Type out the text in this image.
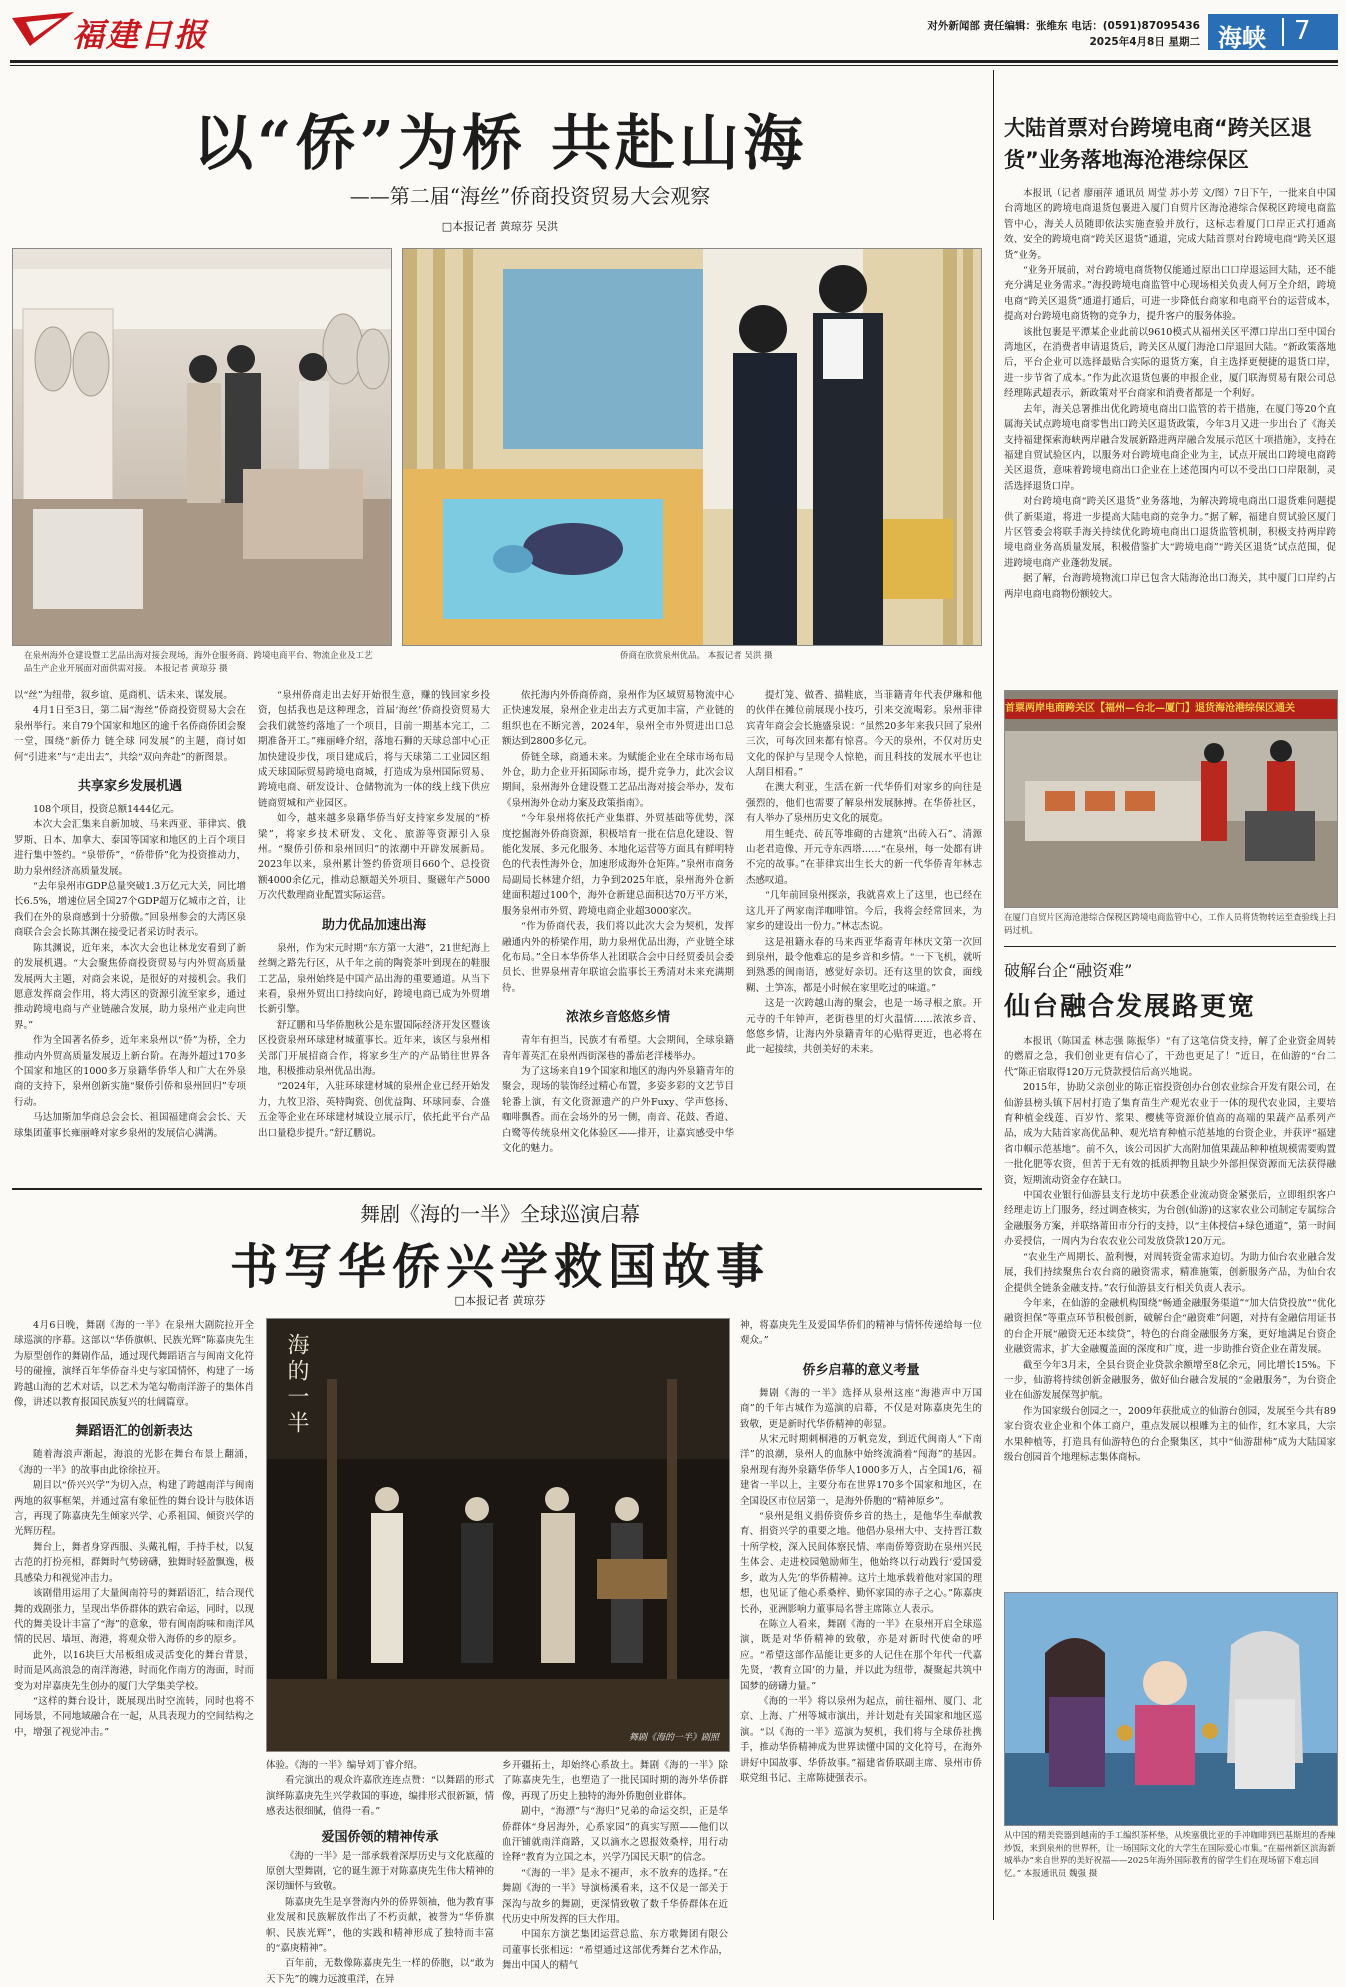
福建日报	对外新闻部 责任编辑：张维东 电话：(0591)87095436
2025年4月8日 星期二 海峡 7
以“侨”为桥 共赴山海
——第二届“海丝”侨商投资贸易大会观察
□本报记者 黄琼芬 吴洪
在泉州海外仓建设暨工艺品出海对接会现场，海外仓服务商、跨境电商平台、物流企业及工艺品生产企业开展面对面供需对接。 本报记者 黄琼芬 摄
侨商在欣赏泉州优品。 本报记者 吴洪 摄

以“丝”为纽带，叙乡谊、觅商机、话未来、谋发展。

4月1日至3日，第二届“海丝”侨商投资贸易大会在泉州举行。来自79个国家和地区的逾千名侨商侨团会聚一堂，围绕“新侨力 链全球 同发展”的主题，商讨如何“引进来”与“走出去”，共绘“双向奔赴”的新图景。

共享家乡发展机遇

108个项目，投资总额1444亿元。

本次大会汇集来自新加坡、马来西亚、菲律宾、俄罗斯、日本、加拿大、泰国等国家和地区的上百个项目进行集中签约。“泉带侨”，“侨带侨”化为投资推动力，助力泉州经济高质量发展。

“去年泉州市GDP总量突破1.3万亿元大关，同比增长6.5%，增速位居全国27个GDP超万亿城市之首，让我们在外的泉商感到十分骄傲。”回泉州参会的大湾区泉商联合会会长陈其渊在接受记者采访时表示。

陈其渊说，近年来，本次大会也让林龙安看到了新的发展机遇。“大会聚焦侨商投资贸易与内外贸高质量发展两大主题，对商会来说，是很好的对接机会。我们愿意发挥商会作用，将大湾区的资源引流至家乡，通过推动跨境电商与产业链融合发展，助力泉州产业走向世界。”

作为全国著名侨乡，近年来泉州以“侨”为桥，全力推动内外贸高质量发展迈上新台阶。在海外超过170多个国家和地区的1000多万泉籍华侨华人和广大在外泉商的支持下，泉州创新实施“聚侨引侨和泉州回归”专项行动。

马达加斯加华商总会会长、祖国福建商会会长、天球集团董事长雍丽峰对家乡泉州的发展信心满满。

“泉州侨商走出去好开始很生意，赚的钱回家乡投资，包括我也是这种理念，首届‘海丝’侨商投资贸易大会我们就签约落地了一个项目，目前一期基本完工，二期准备开工。”雍丽峰介绍，落地石狮的天球总部中心正加快建设步伐，项目建成后，将与天球第二工业园区组成天球国际贸易跨境电商城，打造成为泉州国际贸易、跨境电商、研发设计、仓储物流为一体的线上线下供应链商贸城和产业园区。

如今，越来越多泉籍华侨当好支持家乡发展的“桥梁”，将家乡技术研发、文化、旅游等资源引入泉州。“聚侨引侨和泉州回归”的浓潮中开辟发展新局。2023年以来，泉州累计签约侨资项目660个、总投资额4000余亿元，推动总额超关外项目、聚磁年产5000万次代数理商业配置实际运营。

助力优品加速出海

泉州，作为宋元时期“东方第一大港”，21世纪海上丝绸之路先行区，从千年之前的陶瓷茶叶到现在的鞋服工艺品，泉州始终是中国产品出海的重要通道。从当下来看，泉州外贸出口持续向好，跨境电商已成为外贸增长新引擎。

舒辽鹏和马华侨胞秋公是东盟国际经济开发区暨该区投资泉州环球建材城董事长。近年来，该区与泉州相关部门开展招商合作，将家乡生产的产品销往世界各地，积极推动泉州优品出海。

“2024年，入驻环球建材城的泉州企业已经开始发力，九牧卫浴、英特陶瓷、创优益陶、环球同泰、合盛五金等企业在环球建材城设立展示厅，依托此平台产品出口量稳步提升。”舒辽鹏说。

依托海内外侨商侨商，泉州作为区域贸易物流中心正快速发展，泉州企业走出去方式更加丰富，产业链的组织也在不断完善，2024年，泉州全市外贸进出口总额达到2800多亿元。

侨链全球，商通未来。为赋能企业在全球市场布局外仓，助力企业开拓国际市场，提升竞争力，此次会议期间，泉州海外仓建设暨工艺品出海对接会举办，发布《泉州海外仓动力案及政策指南》。

“今年泉州将依托产业集群、外贸基础等优势，深度挖掘海外侨商资源，积极培育一批在信息化建设、智能化发展、多元化服务、本地化运营等方面具有鲜明特色的代表性海外仓，加速形成海外仓矩阵。”泉州市商务局副局长林建介绍，力争到2025年底，泉州海外仓新建面积超过100个，海外仓新建总面积达70万平方米，服务泉州市外贸、跨境电商企业超3000家次。

“作为侨商代表，我们将以此次大会为契机，发挥融通内外的桥梁作用，助力泉州优品出海，产业链全球化布局。”全日本华侨华人社团联合会中日经贸委员会委员长、世界泉州青年联谊会监事长王秀清对未来充满期待。

浓浓乡音悠悠乡情

青年有担当，民族才有希望。大会期间，全球泉籍青年菁英汇在泉州西街深巷的番茄老洋楼举办。

为了这场来自19个国家和地区的海内外泉籍青年的聚会，现场的装饰经过精心布置，多姿多彩的文艺节目轮番上演，有文化资源遗产的户外Fuxy、学声悠扬、咖啡飘香。而在会场外的另一侧，南音、花鼓、香道、白鹭等传统泉州文化体验区——排开，让嘉宾感受中华文化的魅力。

提灯笼、做香、描鞋底，当菲籍青年代表伊琳和他的伙伴在摊位前展现小技巧，引来交流喝彩。泉州菲律宾青年商会会长施盛泉说：“虽然20多年来我只回了泉州三次，可每次回来都有惊喜。今天的泉州，不仅对历史文化的保护与呈现令人惊艳，而且科技的发展水平也让人刮目相看。”

在澳大利亚，生活在新一代华侨们对家乡的向往是强烈的，他们也需要了解泉州发展脉搏。在华侨社区，有人举办了泉州历史文化的展览。

用生蚝壳、砖瓦等堆砌的古建筑“出砖入石”、清源山老君造像、开元寺东西塔……“在泉州，每一处都有讲不完的故事。”在菲律宾出生长大的新一代华侨青年林志杰感叹道。

“几年前回泉州探亲，我就喜欢上了这里，也已经在这儿开了两家南洋咖啡馆。今后，我将会经常回来，为家乡的建设出一份力。”林志杰说。

这是祖籍永春的马来西亚华裔青年林庆文第一次回到泉州，最令他难忘的是乡音和乡情。“一下飞机，就听到熟悉的闽南语，感觉好亲切。还有这里的饮食，面线糊、土笋冻，都是小时候在家里吃过的味道。”

这是一次跨越山海的聚会，也是一场寻根之旅。开元寺的千年钟声，老街巷里的灯火温情……浓浓乡音、悠悠乡情，让海内外泉籍青年的心贴得更近，也必将在此一起接续，共创美好的未来。

舞剧《海的一半》全球巡演启幕
书写华侨兴学救国故事
□本报记者 黄琼芬

4月6日晚，舞剧《海的一半》在泉州大剧院拉开全球巡演的序幕。这部以“华侨旗帜、民族光辉”陈嘉庚先生为原型创作的舞剧作品，通过现代舞蹈语言与闽南文化符号的碰撞，演绎百年华侨奋斗史与家国情怀，构建了一场跨越山海的艺术对话，以艺术为笔勾勒南洋游子的集体肖像，讲述以教育报国民族复兴的壮阔篇章。

舞蹈语汇的创新表达

随着海浪声渐起，海浪的光影在舞台布景上翻涌，《海的一半》的故事由此徐徐拉开。

剧目以“侨兴兴学”为切入点，构建了跨越南洋与闽南两地的叙事框架，并通过富有象征性的舞台设计与肢体语言，再现了陈嘉庚先生倾家兴学、心系祖国、倾资兴学的光辉历程。

舞台上，舞者身穿西服、头戴礼帽，手持手杖，以复古范的打扮亮相，群舞时气势磅礴，独舞时轻盈飘逸，极具感染力和视觉冲击力。

该剧借用运用了大量闽南符号的舞蹈语汇，结合现代舞的戏剧张力，呈现出华侨群体的跌宕命运，同时，以现代的舞美设计丰富了“海”的意象，带有闽南韵味和南洋风情的民居、墙垣、海港，将观众带入海侨的乡的原乡。

此外，以16块巨大吊板组成灵活变化的舞台背景，时而是风高浪急的南洋海港，时而化作南方的海面，时而变为对岸嘉庚先生创办的厦门大学集美学校。

“这样的舞台设计，既展现出时空流转，同时也将不同场景，不同地域融合在一起，从具表现力的空间结构之中，增强了视觉冲击。”

海的一半
舞剧《海的一半》剧照

体验。《海的一半》编导刘丁睿介绍。

看完演出的观众许嘉欣连连点赞：“以舞蹈的形式演绎陈嘉庚先生兴学救国的事迹，编排形式很新颖，情感表达很细腻，值得一看。”

爱国侨领的精神传承

《海的一半》是一部承载着深厚历史与文化底蕴的原创大型舞剧，它的诞生源于对陈嘉庚先生伟大精神的深切缅怀与致敬。

陈嘉庚先生是享誉海内外的侨界领袖，他为教育事业发展和民族解放作出了不朽贡献，被誉为“华侨旗帜、民族光辉”，他的实践和精神形成了独特而丰富的“嘉庚精神”。

百年前，无数像陈嘉庚先生一样的侨胞，以“敢为天下先”的魄力远渡重洋，在异

乡开疆拓土，却始终心系故土。舞剧《海的一半》除了陈嘉庚先生，也塑造了一批民国时期的海外华侨群像，再现了历史上独特的海外侨胞创业群体。

剧中，“海漂”与“海归”兄弟的命运交织，正是华侨群体“身居海外，心系家园”的真实写照——他们以血汗铺就南洋商路，又以滴水之恩报效桑梓，用行动诠释“教育为立国之本，兴学乃国民天职”的信念。

“《海的一半》是永不褪声，永不放弃的选择。”在舞剧《海的一半》导演杨溪看来，这不仅是一部关于深沟与故乡的舞剧，更深情致敬了数千华侨群体在近代历史中所发挥的巨大作用。

中国东方演艺集团运营总监、东方歌舞团有限公司董事长张相远：“希望通过这部优秀舞台艺术作品，舞出中国人的精气

神，将嘉庚先生及爱国华侨们的精神与情怀传递给每一位观众。”

侨乡启幕的意义考量

舞剧《海的一半》选择从泉州这座“海港声中万国商”的千年古城作为巡演的启幕，不仅是对陈嘉庚先生的致敬，更是新时代华侨精神的彰显。

从宋元时期刺桐港的万帆竞发，到近代闽南人“下南洋”的浪潮，泉州人的血脉中始终流淌着“闯海”的基因。泉州现有海外泉籍华侨华人1000多万人，占全国1/6，福建省一半以上，主要分布在世界170多个国家和地区，在全国设区市位居第一，是海外侨胞的“精神原乡”。

“泉州是组义捐侨资侨乡首的热土，是他华生奉献教育、捐资兴学的重要之地。他倡办泉州大中、支持晋江数十所学校，深入民间体察民情、率南侨筹资助在泉州兴民生体会、走进校园勉励师生，他始终以行动践行‘爱国爱乡，敢为人先’的华侨精神。这片土地承载着他对家国的理想，也见证了他心系桑梓、勤怀家国的赤子之心。”陈嘉庚长孙，亚洲影响力董事局名誉主席陈立人表示。

在陈立人看来，舞剧《海的一半》在泉州开启全球巡演，既是对华侨精神的致敬，亦是对新时代使命的呼应。“希望这部作品能让更多的人记住在那个年代一代嘉先贤，‘教育立国’的力量，并以此为纽带，凝聚起共筑中国梦的磅礴力量。”

《海的一半》将以泉州为起点，前往福州、厦门、北京、上海、广州等城市演出，并计划赴有关国家和地区巡演。“以《海的一半》巡演为契机，我们将与全球侨社携手，推动华侨精神成为世界读懂中国的文化符号，在海外讲好中国故事、华侨故事。”福建省侨联副主席、泉州市侨联党组书记、主席陈捷强表示。

大陆首票对台跨境电商“跨关区退货”业务落地海沧港综保区

本报讯（记者 廖丽萍 通讯员 周莹 苏小芳 文/图）7日下午，一批来自中国台湾地区的跨境电商退货包裹进入厦门自贸片区海沧港综合保税区跨境电商监管中心，海关人员随即依法实施查验并放行，这标志着厦门口岸正式打通高效、安全的跨境电商“跨关区退货”通道，完成大陆首票对台跨境电商“跨关区退货”业务。

“业务开展前，对台跨境电商货物仅能通过原出口口岸退运回大陆，还不能充分满足业务需求。”海投跨境电商监管中心现场相关负责人何万全介绍，跨境电商“跨关区退货”通道打通后，可进一步降低台商家和电商平台的运营成本，提高对台跨境电商货物的竞争力，提升客户的服务体验。

该批包裹是平潭某企业此前以9610模式从福州关区平潭口岸出口至中国台湾地区，在消费者申请退货后，跨关区从厦门海沧口岸退回大陆。“新政策落地后，平台企业可以选择最贴合实际的退货方案，自主选择更便捷的退货口岸，进一步节省了成本。”作为此次退货包裹的申报企业，厦门联海贸易有限公司总经理陈武超表示，新政策对平台商家和消费者都是一个利好。

去年，海关总署推出优化跨境电商出口监管的若干措施，在厦门等20个直属海关试点跨境电商零售出口跨关区退货政策，今年3月又进一步出台了《海关支持福建探索海峡两岸融合发展新路进两岸融合发展示范区十项措施》，支持在福建自贸试验区内，以服务对台跨境电商企业为主，试点开展出口跨境电商跨关区退货，意味着跨境电商出口企业在上述范围内可以不受出口口岸限制，灵活选择退货口岸。

对台跨境电商“跨关区退货”业务落地，为解决跨境电商出口退货难问题提供了新渠道，将进一步提高大陆电商的竞争力。”据了解，福建自贸试验区厦门片区管委会将联手海关持续优化跨境电商出口退货监管机制，积极支持两岸跨境电商业务高质量发展，积极借鉴扩大“跨境电商”“跨关区退货”试点范围，促进跨境电商产业蓬勃发展。

据了解，台海跨境物流口岸已包含大陆海沧出口海关，其中厦门口岸约占两岸电商电商物份额较大。

首票两岸电商跨关区【福州—台北—厦门】退货海沧港综保区通关
在厦门自贸片区海沧港综合保税区跨境电商监管中心，工作人员将货物转运至查验线上扫码过机。
破解台企“融资难”
仙台融合发展路更宽

本报讯（陈国孟 林志强 陈振华）“有了这笔信贷支持，解了企业资金周转的燃眉之急，我们创业更有信心了，干劲也更足了！”近日，在仙游的“台二代”陈正宿取得120万元贷款授信后高兴地说。

2015年，协助父亲创业的陈正宿投资创办台创农业综合开发有限公司，在仙游县榜头镇下居村打造了集育苗生产观光农业于一体的现代农业园，主要培育种植金线莲、百岁竹、浆果、樱桃等资源价值高的高端的果蔬产品系列产品，成为大陆首家高优品种、观光培育种植示范基地的台资企业，并获评“福建省巾帼示范基地”。前不久，该公司因扩大高附加值果蔬品种种植规模需要购置一批化肥等农资，但苦于无有效的抵质押物且缺少外部担保资源而无法获得融资，短期流动资金存在缺口。

中国农业银行仙游县支行龙坊中获悉企业流动资金紧张后，立即组织客户经理走访上门服务，经过调查核实，为台创(仙游)的这家农业公司制定专属综合金融服务方案，并联络莆田市分行的支持，以“主体授信+绿色通道”，第一时间办妥授信，一周内为台农农业公司发放贷款120万元。

“农业生产周期长、盈利慢，对周转资金需求迫切。为助力仙台农业融合发展，我们持续聚焦台农台商的融资需求，精准施策，创新服务产品，为仙台农企提供全链条金融支持。”农行仙游县支行相关负责人表示。

今年来，在仙游的金融机构围绕“畅通金融服务渠道”“加大信贷投放”“优化融资担保”等重点环节积极创新，破解台企“融资难”问题，对持有金融信用证书的台企开展“融资无还本续贷”，特色的台商金融服务方案，更好地满足台资企业融资需求，扩大金融覆盖面的深度和广度，进一步助推台资企业在莆发展。

截至今年3月末，全县台资企业贷款余额增至8亿余元，同比增长15%。下一步，仙游将持续创新金融服务，做好仙台融合发展的“金融服务”，为台资企业在仙游发展保驾护航。

作为国家级台创园之一，2009年获批成立的仙游台创园，发展至今共有89家台资农业企业和个体工商户，重点发展以根雕为主的仙作，红木家具，大宗水果种植等，打造具有仙游特色的台企聚集区，其中“仙游甜柿”成为大陆国家级台创园首个地理标志集体商标。

从中国的精美瓷器到越南的手工编织茶杯垫，从埃塞俄比亚的手冲咖啡到巴基斯坦的香辣炒饭，来到泉州的世界杯，让一场国际文化的大学生在国际爱心市集。”在福州新区滨海新城举办“来自世界的美好祝福——2025年海外国际教育的留学生们在现场留下难忘回忆。” 本报通讯员 魏强 摄
